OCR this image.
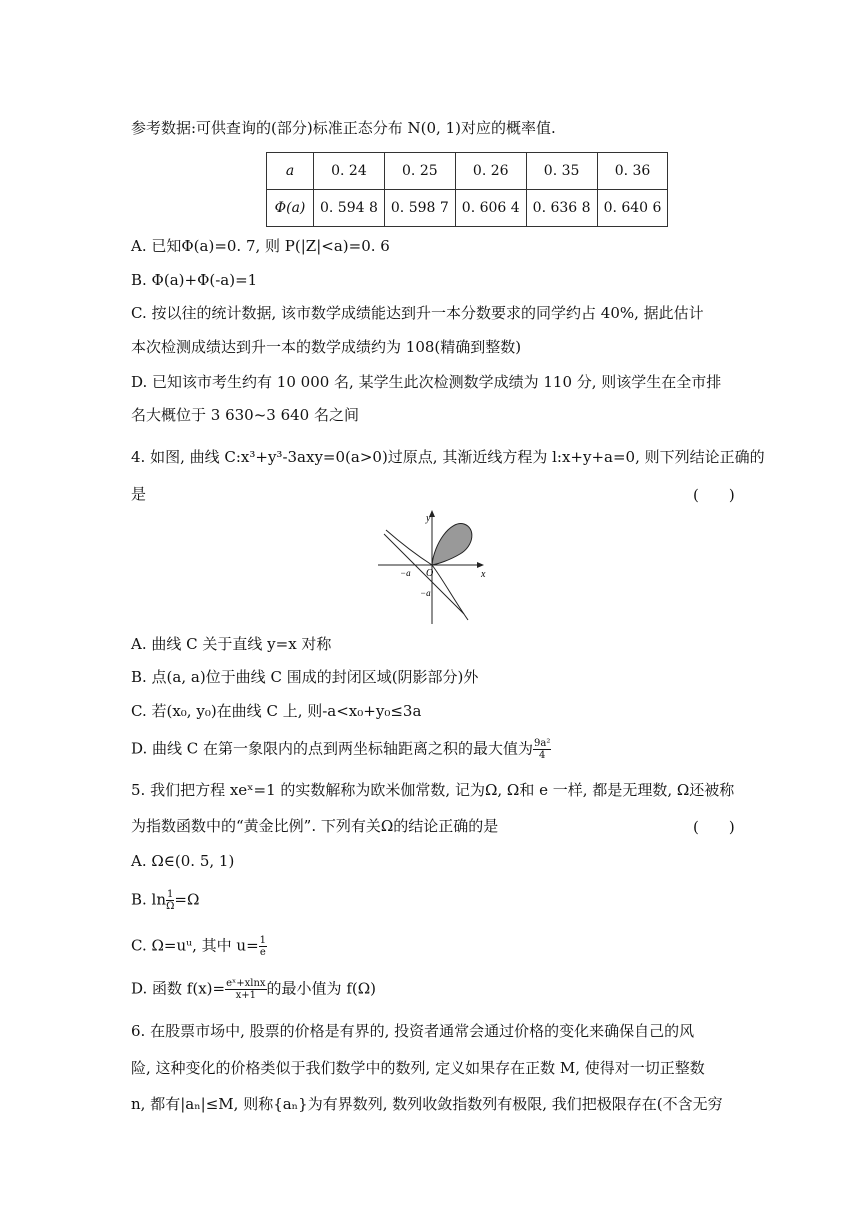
参考数据:可供查询的(部分)标准正态分布 N(0, 1)对应的概率值.
a	0. 24	0. 25	0. 26	0. 35	0. 36
Φ(a)	0. 594 8	0. 598 7	0. 606 4	0. 636 8	0. 640 6
A. 已知Φ(a)=0. 7, 则 P(|Z|<a)=0. 6
B. Φ(a)+Φ(-a)=1
C. 按以往的统计数据, 该市数学成绩能达到升一本分数要求的同学约占 40%, 据此估计
本次检测成绩达到升一本的数学成绩约为 108(精确到整数)
D. 已知该市考生约有 10 000 名, 某学生此次检测数学成绩为 110 分, 则该学生在全市排
名大概位于 3 630~3 640 名之间
4. 如图, 曲线 C:x³+y³-3axy=0(a>0)过原点, 其渐近线方程为 l:x+y+a=0, 则下列结论正确的
是	(　　)
y
x
O
−a
−a
A. 曲线 C 关于直线 y=x 对称
B. 点(a, a)位于曲线 C 围成的封闭区域(阴影部分)外
C. 若(x₀, y₀)在曲线 C 上, 则-a<x₀+y₀≤3a
D. 曲线 C 在第一象限内的点到两坐标轴距离之积的最大值为 $\frac{\text{9a²}}{4}$
5. 我们把方程 xeˣ=1 的实数解称为欧米伽常数, 记为Ω, Ω和 e 一样, 都是无理数, Ω还被称
为指数函数中的“黄金比例”. 下列有关Ω的结论正确的是	(　　)
A. Ω∈(0. 5, 1)
B. $\ln \frac{1}{\Omega} =\Omega$
C. Ω=uᵘ, 其中 $u= \frac{1}{e}$
D. 函数 $f(x)= \frac{\text{eˣ+xlnx}}{x+1}$ 的最小值为 f(Ω)
6. 在股票市场中, 股票的价格是有界的, 投资者通常会通过价格的变化来确保自己的风
险, 这种变化的价格类似于我们数学中的数列, 定义如果存在正数 M, 使得对一切正整数
n, 都有|aₙ|≤M, 则称{aₙ}为有界数列, 数列收敛指数列有极限, 我们把极限存在(不含无穷
